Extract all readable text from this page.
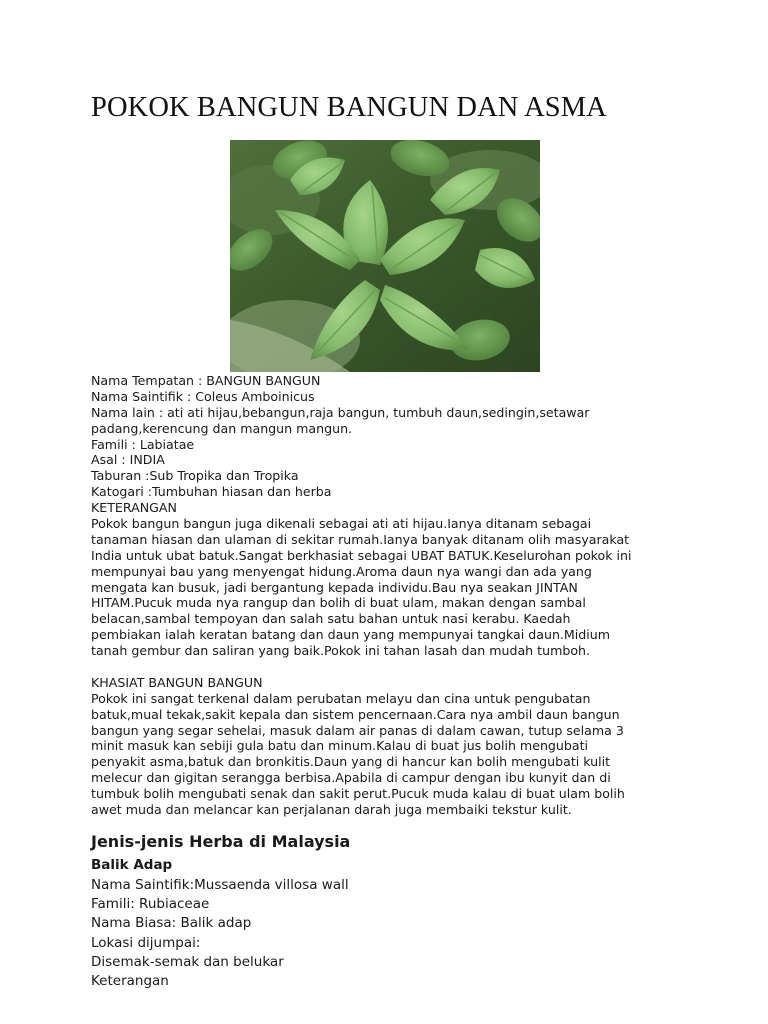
POKOK BANGUN BANGUN DAN ASMA
Nama Tempatan : BANGUN BANGUN
Nama Saintifik : Coleus Amboinicus
Nama lain : ati ati hijau,bebangun,raja bangun, tumbuh daun,sedingin,setawar
padang,kerencung dan mangun mangun.
Famili : Labiatae
Asal : INDIA
Taburan :Sub Tropika dan Tropika
Katogari :Tumbuhan hiasan dan herba
KETERANGAN
Pokok bangun bangun juga dikenali sebagai ati ati hijau.Ianya ditanam sebagai
tanaman hiasan dan ulaman di sekitar rumah.Ianya banyak ditanam olih masyarakat
India untuk ubat batuk.Sangat berkhasiat sebagai UBAT BATUK.Keselurohan pokok ini
mempunyai bau yang menyengat hidung.Aroma daun nya wangi dan ada yang
mengata kan busuk, jadi bergantung kepada individu.Bau nya seakan JINTAN
HITAM.Pucuk muda nya rangup dan bolih di buat ulam, makan dengan sambal
belacan,sambal tempoyan dan salah satu bahan untuk nasi kerabu. Kaedah
pembiakan ialah keratan batang dan daun yang mempunyai tangkai daun.Midium
tanah gembur dan saliran yang baik.Pokok ini tahan lasah dan mudah tumboh.
KHASIAT BANGUN BANGUN
Pokok ini sangat terkenal dalam perubatan melayu dan cina untuk pengubatan
batuk,mual tekak,sakit kepala dan sistem pencernaan.Cara nya ambil daun bangun
bangun yang segar sehelai, masuk dalam air panas di dalam cawan, tutup selama 3
minit masuk kan sebiji gula batu dan minum.Kalau di buat jus bolih mengubati
penyakit asma,batuk dan bronkitis.Daun yang di hancur kan bolih mengubati kulit
melecur dan gigitan serangga berbisa.Apabila di campur dengan ibu kunyit dan di
tumbuk bolih mengubati senak dan sakit perut.Pucuk muda kalau di buat ulam bolih
awet muda dan melancar kan perjalanan darah juga membaiki tekstur kulit.
Jenis-jenis Herba di Malaysia
Balik Adap
Nama Saintifik:Mussaenda villosa wall
Famili: Rubiaceae
Nama Biasa: Balik adap
Lokasi dijumpai:
Disemak-semak dan belukar
Keterangan
